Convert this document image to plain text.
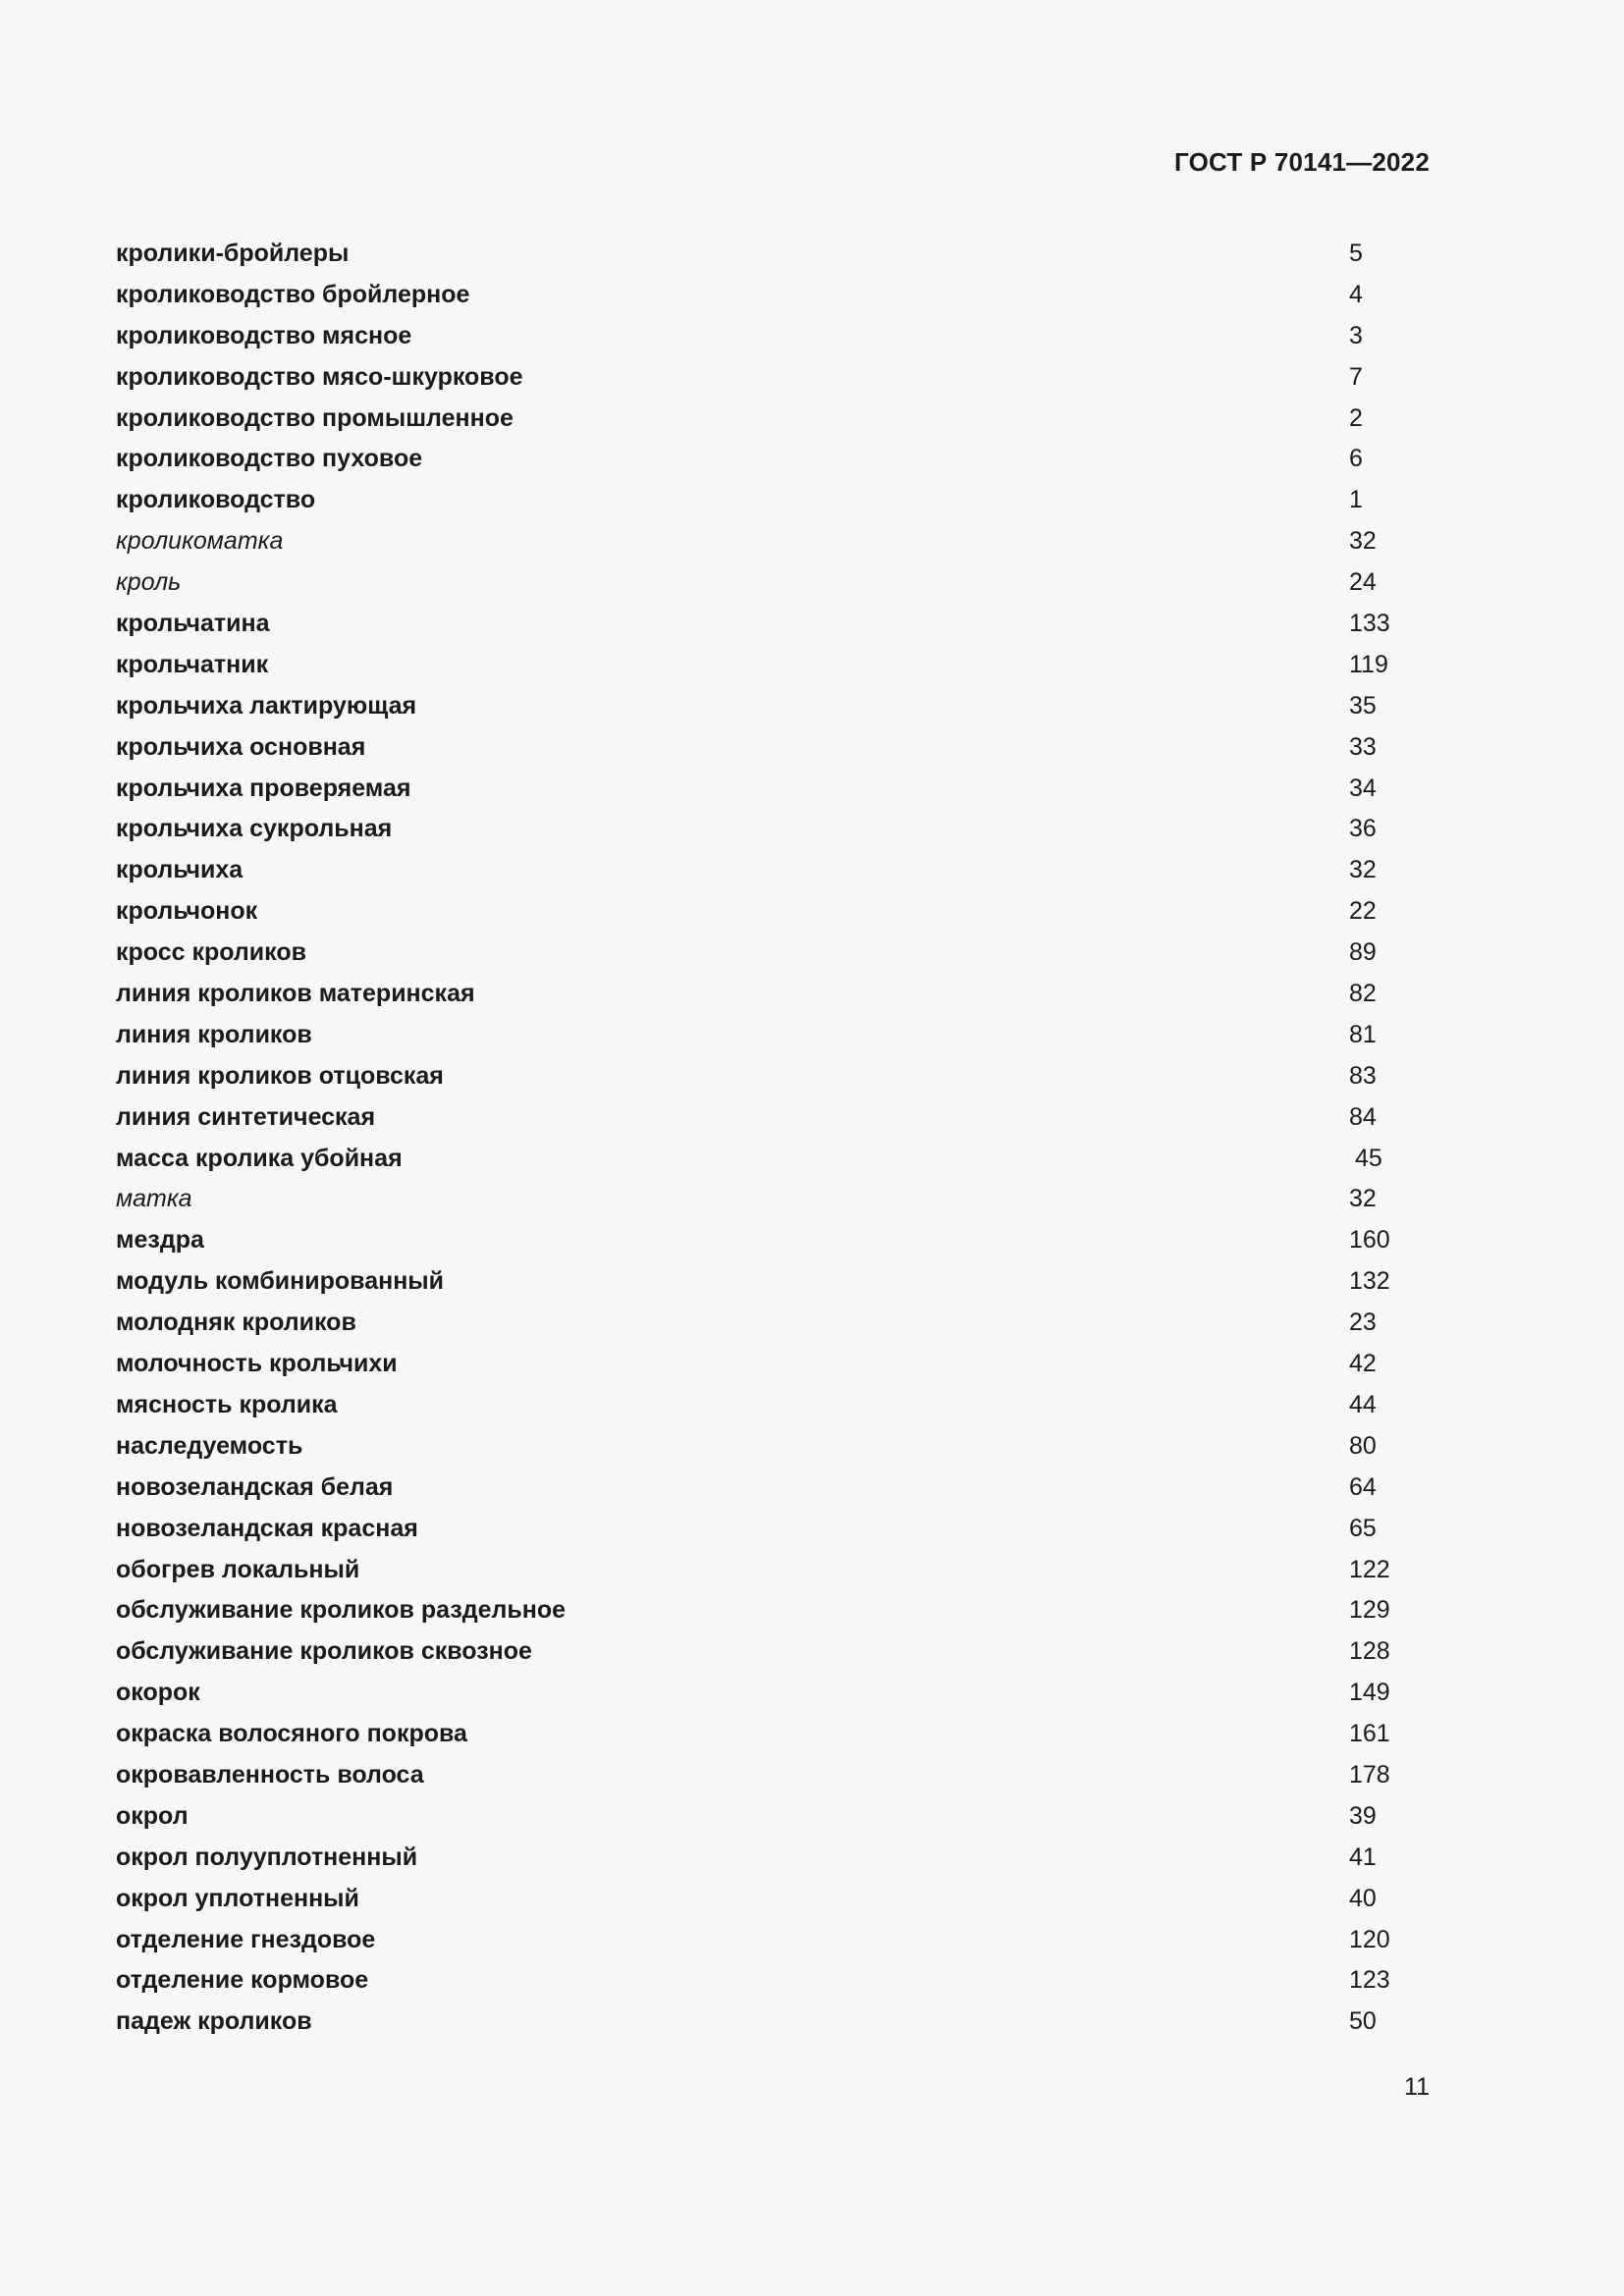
ГОСТ Р 70141—2022
кролики-бройлеры	5
кролиководство бройлерное	4
кролиководство мясное	3
кролиководство мясо-шкурковое	7
кролиководство промышленное	2
кролиководство пуховое	6
кролиководство	1
кроликоматка	32
кроль	24
крольчатина	133
крольчатник	119
крольчиха лактирующая	35
крольчиха основная	33
крольчиха проверяемая	34
крольчиха сукрольная	36
крольчиха	32
крольчонок	22
кросс кроликов	89
линия кроликов материнская	82
линия кроликов	81
линия кроликов отцовская	83
линия синтетическая	84
масса кролика убойная	45
матка	32
мездра	160
модуль комбинированный	132
молодняк кроликов	23
молочность крольчихи	42
мясность кролика	44
наследуемость	80
новозеландская белая	64
новозеландская красная	65
обогрев локальный	122
обслуживание кроликов раздельное	129
обслуживание кроликов сквозное	128
окорок	149
окраска волосяного покрова	161
окровавленность волоса	178
окрол	39
окрол полууплотненный	41
окрол уплотненный	40
отделение гнездовое	120
отделение кормовое	123
падеж кроликов	50
11
